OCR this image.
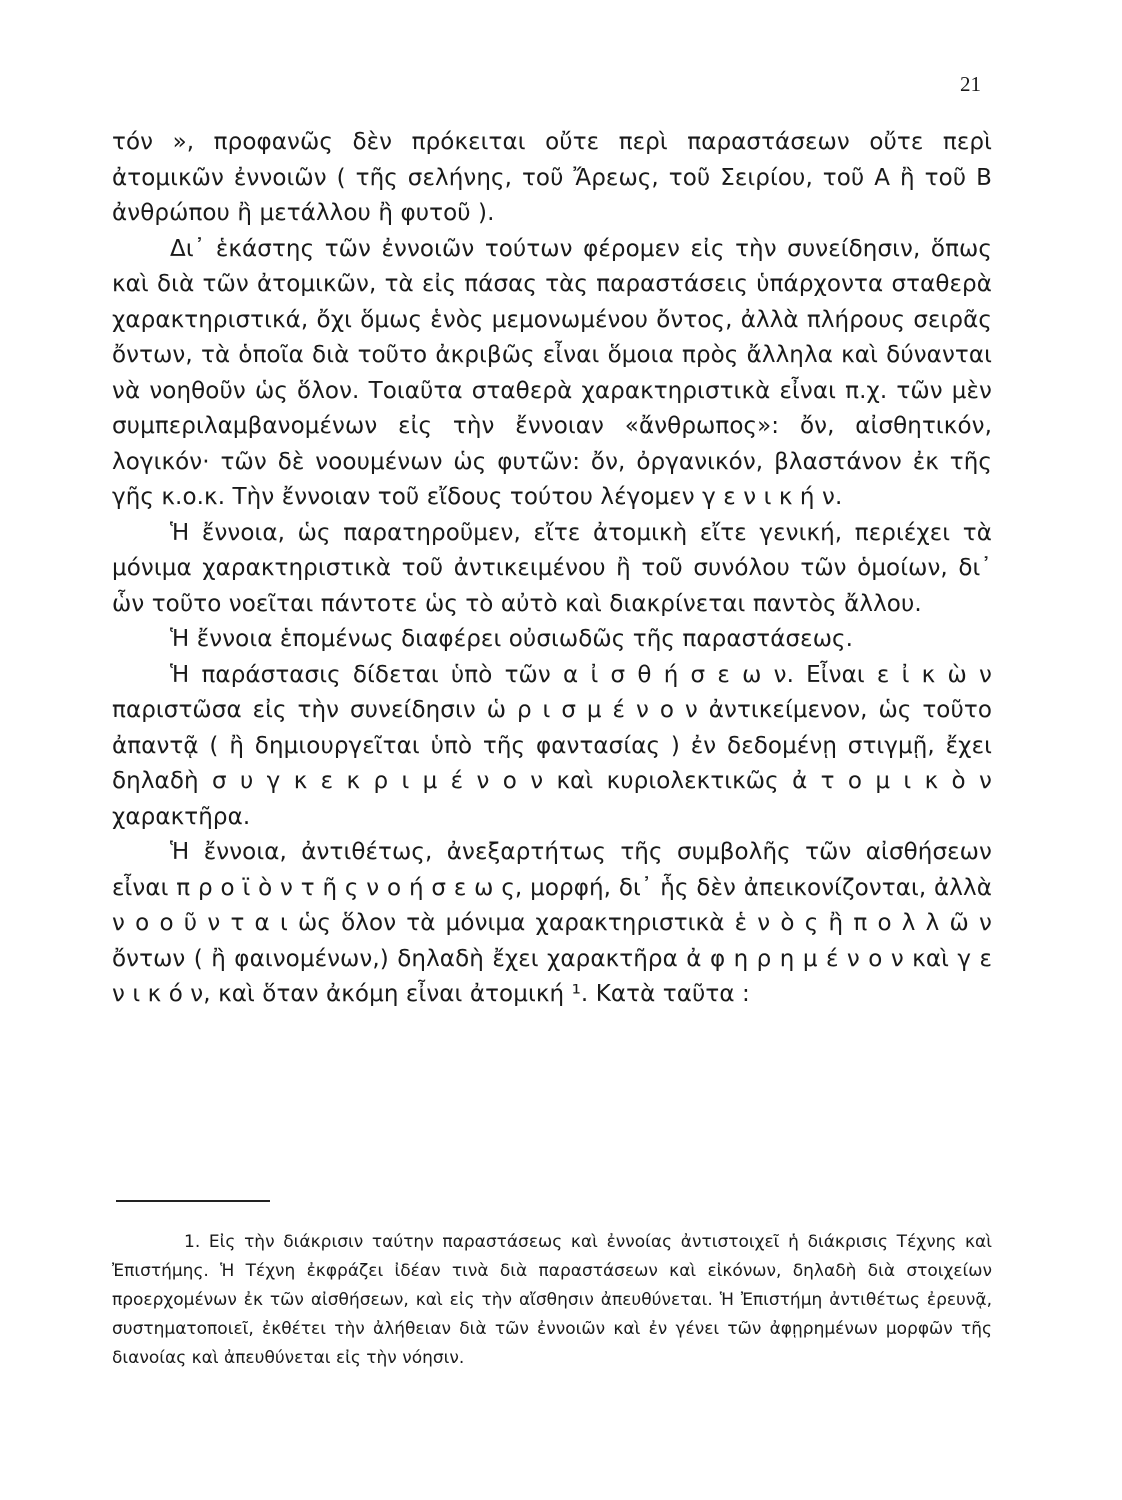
21

τόν », προφανῶς δὲν πρόκειται οὔτε περὶ παραστάσεων οὔτε περὶ ἀτομικῶν ἐννοιῶν ( τῆς σελήνης, τοῦ Ἄρεως, τοῦ Σειρίου, τοῦ Α ἢ τοῦ Β ἀνθρώπου ἢ μετάλλου ἢ φυτοῦ ).

Δι᾽ ἑκάστης τῶν ἐννοιῶν τούτων φέρομεν εἰς τὴν συνείδησιν, ὅπως καὶ διὰ τῶν ἀτομικῶν, τὰ εἰς πάσας τὰς παραστάσεις ὑπάρχοντα σταθερὰ χαρακτηριστικά, ὄχι ὅμως ἑνὸς μεμονωμένου ὄντος, ἀλλὰ πλήρους σειρᾶς ὄντων, τὰ ὁποῖα διὰ τοῦτο ἀκριβῶς εἶναι ὅμοια πρὸς ἄλληλα καὶ δύνανται νὰ νοηθοῦν ὡς ὅλον. Τοιαῦτα σταθερὰ χαρακτηριστικὰ εἶναι π.χ. τῶν μὲν συμπεριλαμβανομένων εἰς τὴν ἔννοιαν «ἄνθρωπος»: ὄν, αἰσθητικόν, λογικόν· τῶν δὲ νοουμένων ὡς φυτῶν: ὄν, ὀργανικόν, βλαστάνον ἐκ τῆς γῆς κ.ο.κ. Τὴν ἔννοιαν τοῦ εἴδους τούτου λέγομεν γ ε ν ι κ ή ν.

Ἡ ἔννοια, ὡς παρατηροῦμεν, εἴτε ἀτομικὴ εἴτε γενική, περιέχει τὰ μόνιμα χαρακτηριστικὰ τοῦ ἀντικειμένου ἢ τοῦ συνόλου τῶν ὁμοίων, δι᾽ ὧν τοῦτο νοεῖται πάντοτε ὡς τὸ αὐτὸ καὶ διακρίνεται παντὸς ἄλλου.

Ἡ ἔννοια ἑπομένως διαφέρει οὐσιωδῶς τῆς παραστάσεως.

Ἡ παράστασις δίδεται ὑπὸ τῶν α ἰ σ θ ή σ ε ω ν. Εἶναι ε ἰ κ ὼ ν παριστῶσα εἰς τὴν συνείδησιν ὡ ρ ι σ μ έ ν ο ν ἀντικείμενον, ὡς τοῦτο ἀπαντᾷ ( ἢ δημιουργεῖται ὑπὸ τῆς φαντασίας ) ἐν δεδομένῃ στιγμῇ, ἔχει δηλαδὴ σ υ γ κ ε κ ρ ι μ έ ν ο ν καὶ κυριολεκτικῶς ἀ τ ο μ ι κ ὸ ν χαρακτῆρα.

Ἡ ἔννοια, ἀντιθέτως, ἀνεξαρτήτως τῆς συμβολῆς τῶν αἰσθήσεων εἶναι π ρ ο ϊ ὸ ν τ ῆ ς ν ο ή σ ε ω ς, μορφή, δι᾽ ἧς δὲν ἀπεικονίζονται, ἀλλὰ ν ο ο ῦ ν τ α ι ὡς ὅλον τὰ μόνιμα χαρακτηριστικὰ ἑ ν ὸ ς ἢ π ο λ λ ῶ ν ὄντων ( ἢ φαινομένων,) δηλαδὴ ἔχει χαρακτῆρα ἀ φ η ρ η μ έ ν ο ν καὶ γ ε ν ι κ ό ν, καὶ ὅταν ἀκόμη εἶναι ἀτομική ¹. Κατὰ ταῦτα :

1. Εἰς τὴν διάκρισιν ταύτην παραστάσεως καὶ ἐννοίας ἀντιστοιχεῖ ἡ διάκρισις Τέχνης καὶ Ἐπιστήμης. Ἡ Τέχνη ἐκφράζει ἰδέαν τινὰ διὰ παραστάσεων καὶ εἰκόνων, δηλαδὴ διὰ στοιχείων προερχομένων ἐκ τῶν αἰσθήσεων, καὶ εἰς τὴν αἴσθησιν ἀπευθύνεται. Ἡ Ἐπιστήμη ἀντιθέτως ἐρευνᾷ, συστηματοποιεῖ, ἐκθέτει τὴν ἀλήθειαν διὰ τῶν ἐννοιῶν καὶ ἐν γένει τῶν ἀφῃρημένων μορφῶν τῆς διανοίας καὶ ἀπευθύνεται εἰς τὴν νόησιν.
